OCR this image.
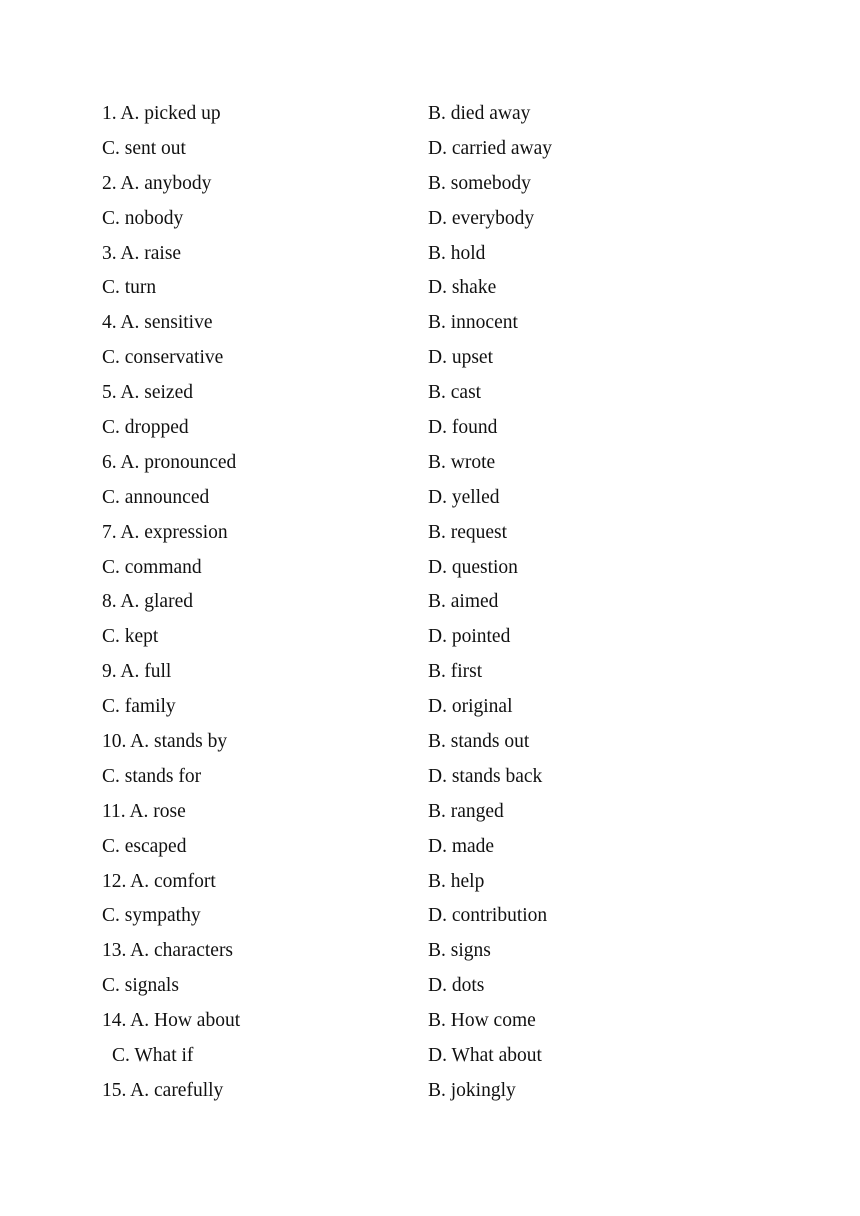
1. A. picked up	B. died away
C. sent out	D. carried away
2. A. anybody	B. somebody
C. nobody	D. everybody
3. A. raise	B. hold
C. turn	D. shake
4. A. sensitive	B. innocent
C. conservative	D. upset
5. A. seized	B. cast
C. dropped	D. found
6. A. pronounced	B. wrote
C. announced	D. yelled
7. A. expression	B. request
C. command	D. question
8. A. glared	B. aimed
C. kept	D. pointed
9. A. full	B. first
C. family	D. original
10. A. stands by	B. stands out
C. stands for	D. stands back
11. A. rose	B. ranged
C. escaped	D. made
12. A. comfort	B. help
C. sympathy	D. contribution
13. A. characters	B. signs
C. signals	D. dots
14. A. How about	B. How come
C. What if	D. What about
15. A. carefully	B. jokingly
